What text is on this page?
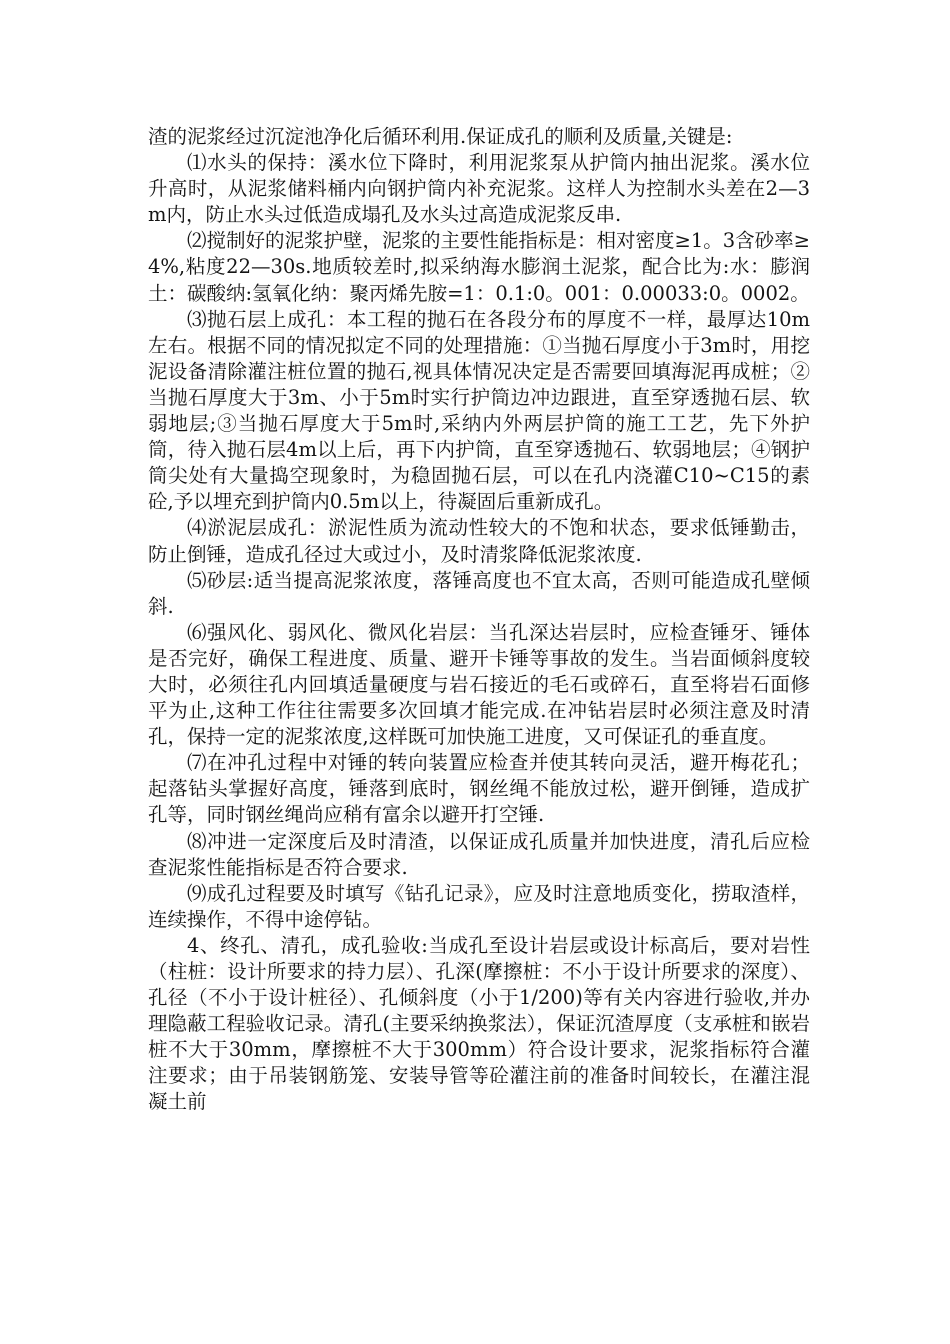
渣的泥浆经过沉淀池净化后循环利用.保证成孔的顺利及质量,关键是:

⑴水头的保持：溪水位下降时，利用泥浆泵从护筒内抽出泥浆。溪水位升高时，从泥浆储料桶内向钢护筒内补充泥浆。这样人为控制水头差在2—3m内，防止水头过低造成塌孔及水头过高造成泥浆反串.

⑵搅制好的泥浆护壁，泥浆的主要性能指标是：相对密度≥1。3含砂率≥4%,粘度22—30s.地质较差时,拟采纳海水膨润土泥浆，配合比为:水：膨润土：碳酸纳:氢氧化纳：聚丙烯先胺=1：0.1:0。001：0.00033:0。0002。

⑶抛石层上成孔：本工程的抛石在各段分布的厚度不一样，最厚达10m左右。根据不同的情况拟定不同的处理措施：①当抛石厚度小于3m时，用挖泥设备清除灌注桩位置的抛石,视具体情况决定是否需要回填海泥再成桩；②当抛石厚度大于3m、小于5m时实行护筒边冲边跟进，直至穿透抛石层、软弱地层;③当抛石厚度大于5m时,采纳内外两层护筒的施工工艺，先下外护筒，待入抛石层4m以上后，再下内护筒，直至穿透抛石、软弱地层；④钢护筒尖处有大量捣空现象时，为稳固抛石层，可以在孔内浇灌C10~C15的素砼,予以埋充到护筒内0.5m以上，待凝固后重新成孔。

⑷淤泥层成孔：淤泥性质为流动性较大的不饱和状态，要求低锤勤击，防止倒锤，造成孔径过大或过小，及时清浆降低泥浆浓度.

⑸砂层:适当提高泥浆浓度，落锤高度也不宜太高，否则可能造成孔壁倾斜.

⑹强风化、弱风化、微风化岩层：当孔深达岩层时，应检查锤牙、锤体是否完好，确保工程进度、质量、避开卡锤等事故的发生。当岩面倾斜度较大时，必须往孔内回填适量硬度与岩石接近的毛石或碎石，直至将岩石面修平为止,这种工作往往需要多次回填才能完成.在冲钻岩层时必须注意及时清孔，保持一定的泥浆浓度,这样既可加快施工进度，又可保证孔的垂直度。

⑺在冲孔过程中对锤的转向装置应检查并使其转向灵活，避开梅花孔；起落钻头掌握好高度，锤落到底时，钢丝绳不能放过松，避开倒锤，造成扩孔等，同时钢丝绳尚应稍有富余以避开打空锤.

⑻冲进一定深度后及时清渣，以保证成孔质量并加快进度，清孔后应检查泥浆性能指标是否符合要求.

⑼成孔过程要及时填写《钻孔记录》，应及时注意地质变化，捞取渣样，连续操作，不得中途停钻。

4、终孔、清孔，成孔验收:当成孔至设计岩层或设计标高后，要对岩性（柱桩：设计所要求的持力层）、孔深(摩擦桩：不小于设计所要求的深度）、孔径（不小于设计桩径）、孔倾斜度（小于1/200)等有关内容进行验收,并办理隐蔽工程验收记录。清孔(主要采纳换浆法），保证沉渣厚度（支承桩和嵌岩桩不大于30mm，摩擦桩不大于300mm）符合设计要求，泥浆指标符合灌注要求；由于吊装钢筋笼、安装导管等砼灌注前的准备时间较长，在灌注混凝土前
